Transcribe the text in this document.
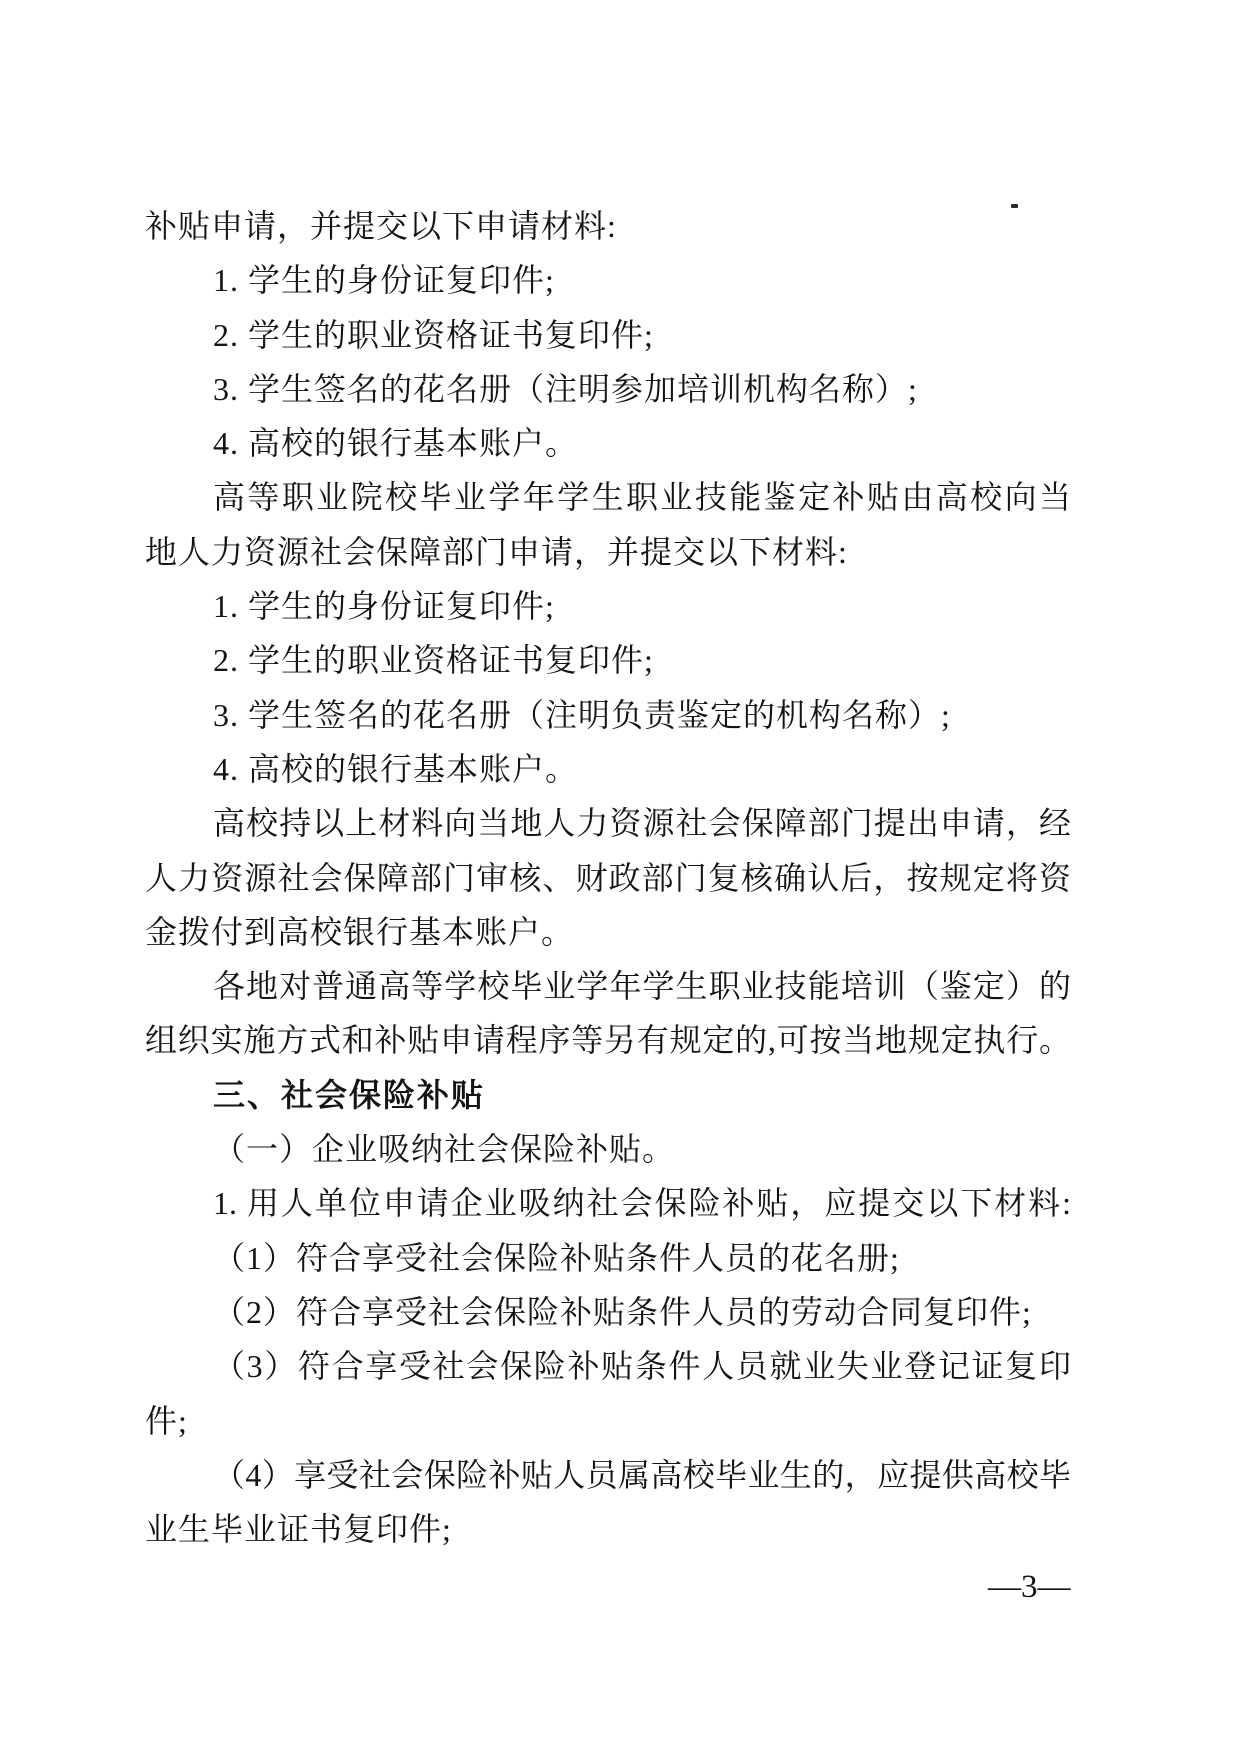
补贴申请，并提交以下申请材料:
1. 学生的身份证复印件;
2. 学生的职业资格证书复印件;
3. 学生签名的花名册（注明参加培训机构名称）;
4. 高校的银行基本账户。
高等职业院校毕业学年学生职业技能鉴定补贴由高校向当
地人力资源社会保障部门申请，并提交以下材料:
1. 学生的身份证复印件;
2. 学生的职业资格证书复印件;
3. 学生签名的花名册（注明负责鉴定的机构名称）;
4. 高校的银行基本账户。
高校持以上材料向当地人力资源社会保障部门提出申请，经
人力资源社会保障部门审核、财政部门复核确认后，按规定将资
金拨付到高校银行基本账户。
各地对普通高等学校毕业学年学生职业技能培训（鉴定）的
组织实施方式和补贴申请程序等另有规定的,可按当地规定执行。
三、社会保险补贴
（一）企业吸纳社会保险补贴。
1. 用人单位申请企业吸纳社会保险补贴，应提交以下材料:
（1）符合享受社会保险补贴条件人员的花名册;
（2）符合享受社会保险补贴条件人员的劳动合同复印件;
（3）符合享受社会保险补贴条件人员就业失业登记证复印
件;
（4）享受社会保险补贴人员属高校毕业生的，应提供高校毕
业生毕业证书复印件;
—3—
